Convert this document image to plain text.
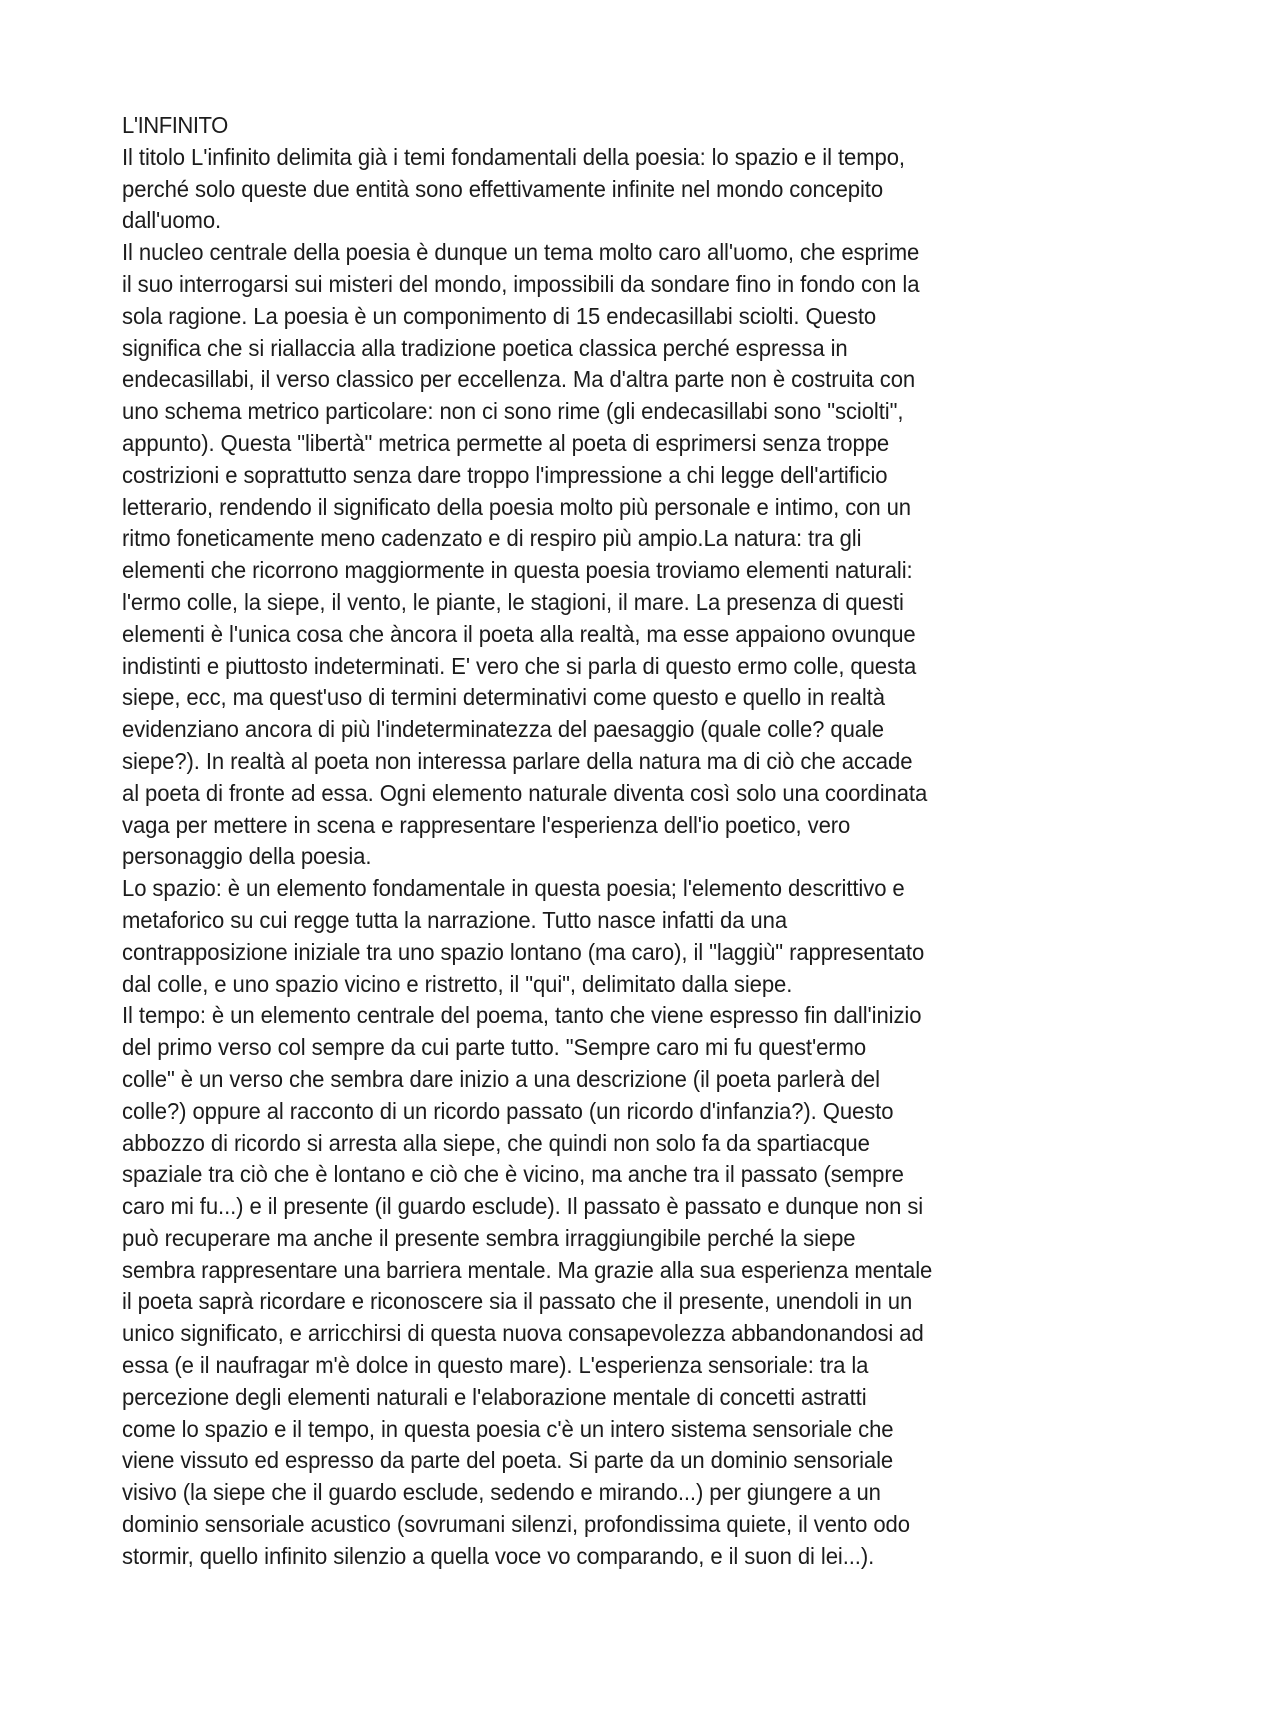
L'INFINITO
Il titolo L'infinito delimita già i temi fondamentali della poesia: lo spazio e il tempo,
perché solo queste due entità sono effettivamente infinite nel mondo concepito
dall'uomo.
Il nucleo centrale della poesia è dunque un tema molto caro all'uomo, che esprime
il suo interrogarsi sui misteri del mondo, impossibili da sondare fino in fondo con la
sola ragione. La poesia è un componimento di 15 endecasillabi sciolti. Questo
significa che si riallaccia alla tradizione poetica classica perché espressa in
endecasillabi, il verso classico per eccellenza. Ma d'altra parte non è costruita con
uno schema metrico particolare: non ci sono rime (gli endecasillabi sono "sciolti",
appunto). Questa "libertà" metrica permette al poeta di esprimersi senza troppe
costrizioni e soprattutto senza dare troppo l'impressione a chi legge dell'artificio
letterario, rendendo il significato della poesia molto più personale e intimo, con un
ritmo foneticamente meno cadenzato e di respiro più ampio.La natura: tra gli
elementi che ricorrono maggiormente in questa poesia troviamo elementi naturali:
l'ermo colle, la siepe, il vento, le piante, le stagioni, il mare. La presenza di questi
elementi è l'unica cosa che àncora il poeta alla realtà, ma esse appaiono ovunque
indistinti e piuttosto indeterminati. E' vero che si parla di questo ermo colle, questa
siepe, ecc, ma quest'uso di termini determinativi come questo e quello in realtà
evidenziano ancora di più l'indeterminatezza del paesaggio (quale colle? quale
siepe?). In realtà al poeta non interessa parlare della natura ma di ciò che accade
al poeta di fronte ad essa. Ogni elemento naturale diventa così solo una coordinata
vaga per mettere in scena e rappresentare l'esperienza dell'io poetico, vero
personaggio della poesia.
Lo spazio: è un elemento fondamentale in questa poesia; l'elemento descrittivo e
metaforico su cui regge tutta la narrazione. Tutto nasce infatti da una
contrapposizione iniziale tra uno spazio lontano (ma caro), il "laggiù" rappresentato
dal colle, e uno spazio vicino e ristretto, il "qui", delimitato dalla siepe.
Il tempo: è un elemento centrale del poema, tanto che viene espresso fin dall'inizio
del primo verso col sempre da cui parte tutto. "Sempre caro mi fu quest'ermo
colle" è un verso che sembra dare inizio a una descrizione (il poeta parlerà del
colle?) oppure al racconto di un ricordo passato (un ricordo d'infanzia?). Questo
abbozzo di ricordo si arresta alla siepe, che quindi non solo fa da spartiacque
spaziale tra ciò che è lontano e ciò che è vicino, ma anche tra il passato (sempre
caro mi fu...) e il presente (il guardo esclude). Il passato è passato e dunque non si
può recuperare ma anche il presente sembra irraggiungibile perché la siepe
sembra rappresentare una barriera mentale. Ma grazie alla sua esperienza mentale
il poeta saprà ricordare e riconoscere sia il passato che il presente, unendoli in un
unico significato, e arricchirsi di questa nuova consapevolezza abbandonandosi ad
essa (e il naufragar m'è dolce in questo mare). L'esperienza sensoriale: tra la
percezione degli elementi naturali e l'elaborazione mentale di concetti astratti
come lo spazio e il tempo, in questa poesia c'è un intero sistema sensoriale che
viene vissuto ed espresso da parte del poeta. Si parte da un dominio sensoriale
visivo (la siepe che il guardo esclude, sedendo e mirando...) per giungere a un
dominio sensoriale acustico (sovrumani silenzi, profondissima quiete, il vento odo
stormir, quello infinito silenzio a quella voce vo comparando, e il suon di lei...).
